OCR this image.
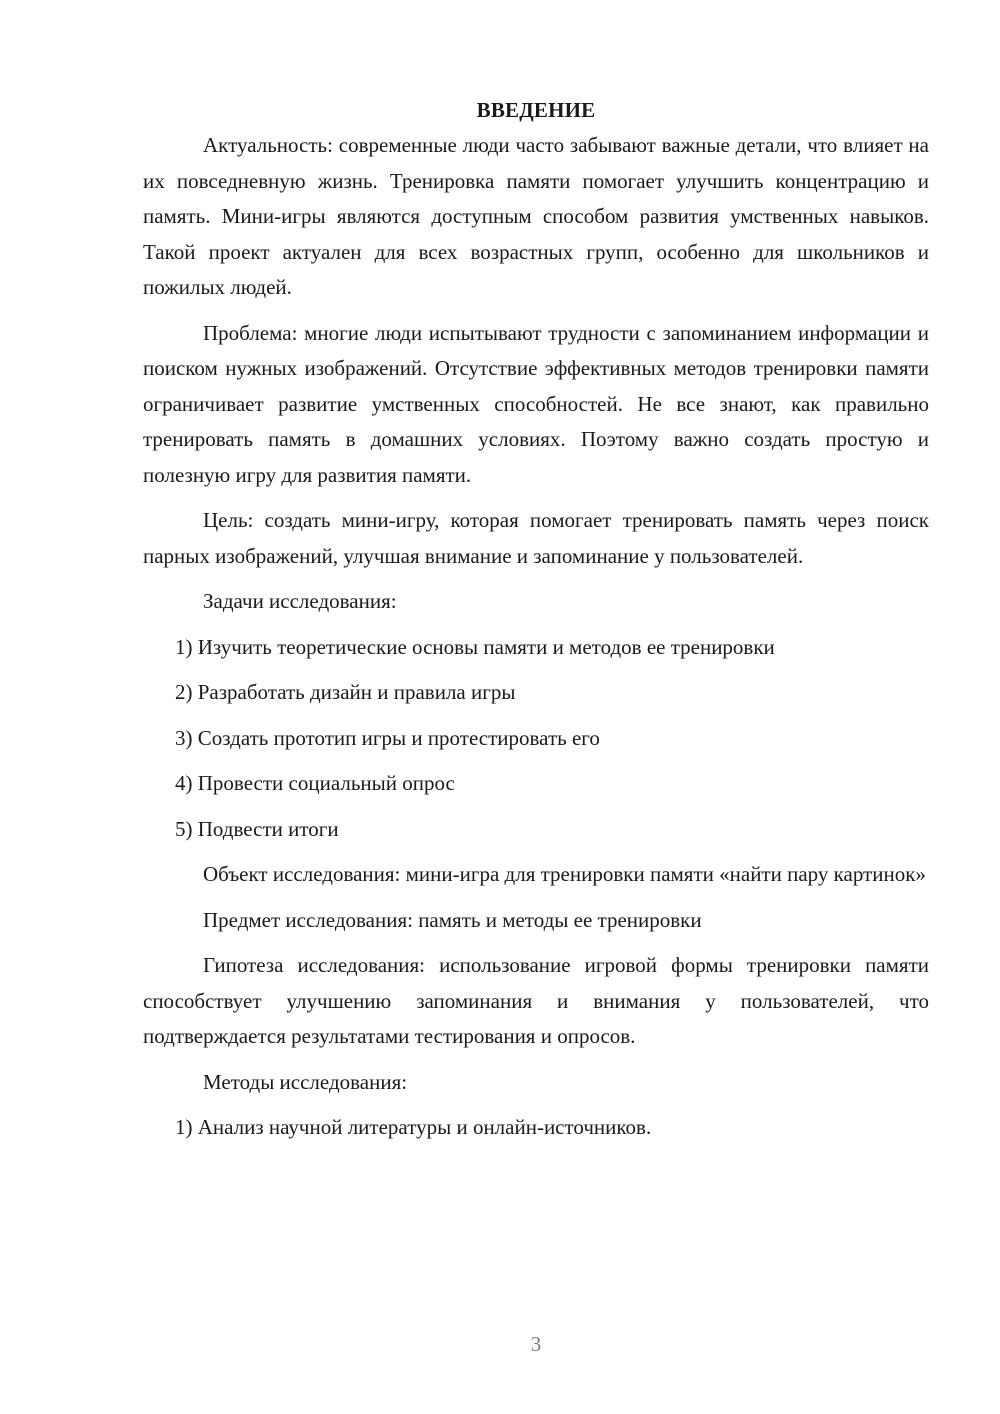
ВВЕДЕНИЕ

Актуальность: современные люди часто забывают важные детали, что влияет на их повседневную жизнь. Тренировка памяти помогает улучшить концентрацию и память. Мини-игры являются доступным способом развития умственных навыков. Такой проект актуален для всех возрастных групп, особенно для школьников и пожилых людей.

Проблема: многие люди испытывают трудности с запоминанием информации и поиском нужных изображений. Отсутствие эффективных методов тренировки памяти ограничивает развитие умственных способностей. Не все знают, как правильно тренировать память в домашних условиях. Поэтому важно создать простую и полезную игру для развития памяти.

Цель: создать мини-игру, которая помогает тренировать память через поиск парных изображений, улучшая внимание и запоминание у пользователей.

Задачи исследования:

1) Изучить теоретические основы памяти и методов ее тренировки
2) Разработать дизайн и правила игры
3) Создать прототип игры и протестировать его
4) Провести социальный опрос
5) Подвести итоги

Объект исследования: мини-игра для тренировки памяти «найти пару картинок»

Предмет исследования: память и методы ее тренировки

Гипотеза исследования: использование игровой формы тренировки памяти способствует улучшению запоминания и внимания у пользователей, что подтверждается результатами тестирования и опросов.

Методы исследования:

1) Анализ научной литературы и онлайн-источников.
3
